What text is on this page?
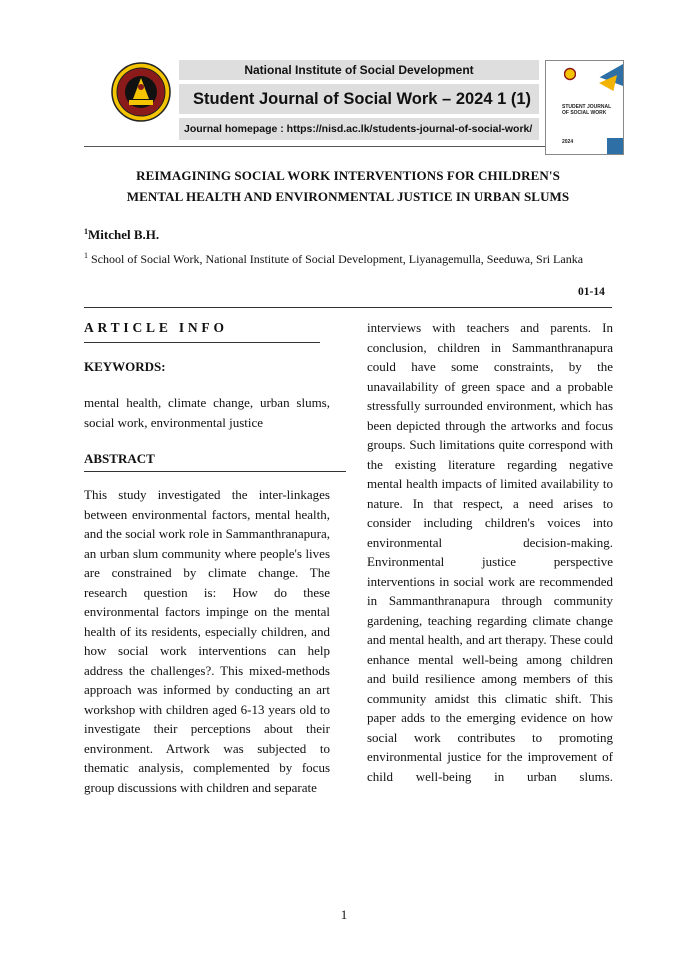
National Institute of Social Development
Student Journal of Social Work – 2024 1 (1)
Journal homepage : https://nisd.ac.lk/students-journal-of-social-work/
STUDENT JOURNAL OF SOCIAL WORK
2024
REIMAGINING SOCIAL WORK INTERVENTIONS FOR CHILDREN'S
MENTAL HEALTH AND ENVIRONMENTAL JUSTICE IN URBAN SLUMS
$^1$Mitchel B.H.
$^1$ School of Social Work, National Institute of Social Development, Liyanagemulla, Seeduwa, Sri Lanka
01-14
ARTICLE INFO
KEYWORDS:
mental health, climate change, urban slums, social work, environmental justice
ABSTRACT
This study investigated the inter-linkages between environmental factors, mental health, and the social work role in Sammanthranapura, an urban slum community where people's lives are constrained by climate change. The research question is: How do these environmental factors impinge on the mental health of its residents, especially children, and how social work interventions can help address the challenges?. This mixed-methods approach was informed by conducting an art workshop with children aged 6-13 years old to investigate their perceptions about their environment. Artwork was subjected to thematic analysis, complemented by focus group discussions with children and separate
interviews with teachers and parents. In conclusion, children in Sammanthranapura could have some constraints, by the unavailability of green space and a probable stressfully surrounded environment, which has been depicted through the artworks and focus groups. Such limitations quite correspond with the existing literature regarding negative mental health impacts of limited availability to nature. In that respect, a need arises to consider including children's voices into environmental decision-making. Environmental justice perspective interventions in social work are recommended in Sammanthranapura through community gardening, teaching regarding climate change and mental health, and art therapy. These could enhance mental well-being among children and build resilience among members of this community amidst this climatic shift. This paper adds to the emerging evidence on how social work contributes to promoting environmental justice for the improvement of child well-being in urban slums.
1
